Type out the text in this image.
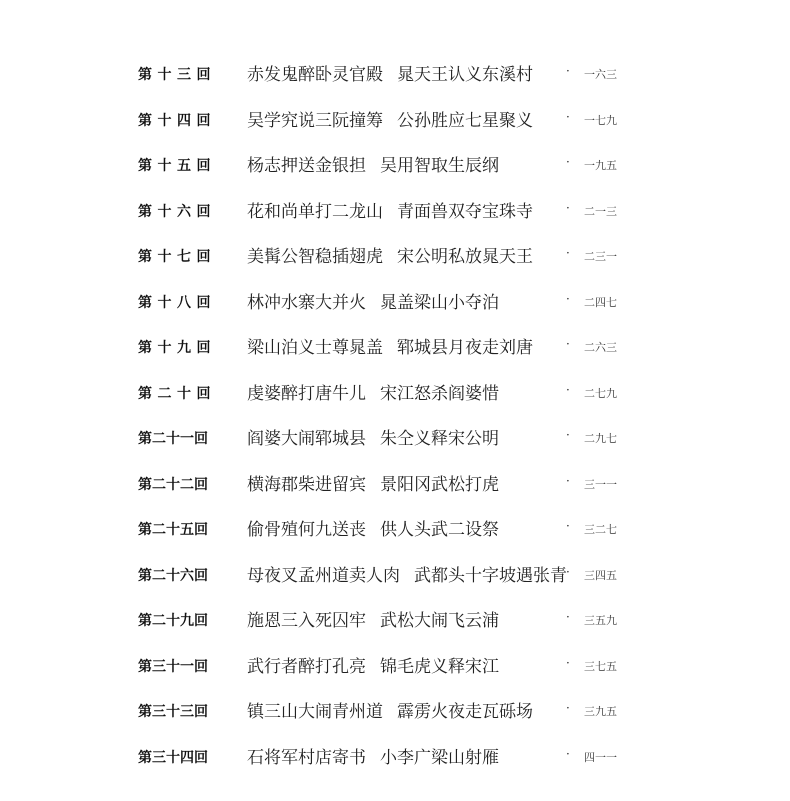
第十三回 赤发鬼醉卧灵官殿 晁天王认义东溪村	· 一六三
第十四回 吴学究说三阮撞筹 公孙胜应七星聚义	· 一七九
第十五回 杨志押送金银担 吴用智取生辰纲	· 一九五
第十六回 花和尚单打二龙山 青面兽双夺宝珠寺	· 二一三
第十七回 美髯公智稳插翅虎 宋公明私放晁天王	· 二三一
第十八回 林冲水寨大并火 晁盖梁山小夺泊	· 二四七
第十九回 梁山泊义士尊晁盖 郓城县月夜走刘唐	· 二六三
第二十回 虔婆醉打唐牛儿 宋江怒杀阎婆惜	· 二七九
第二十一回	阎婆大闹郓城县 朱仝义释宋公明	· 二九七
第二十二回	横海郡柴进留宾 景阳冈武松打虎	· 三一一
第二十五回	偷骨殖何九送丧 供人头武二设祭	· 三二七
第二十六回	母夜叉孟州道卖人肉 武都头十字坡遇张青 · 三四五
第二十九回	施恩三入死囚牢 武松大闹飞云浦	· 三五九
第三十一回	武行者醉打孔亮 锦毛虎义释宋江	· 三七五
第三十三回	镇三山大闹青州道 霹雳火夜走瓦砾场	· 三九五
第三十四回	石将军村店寄书 小李广梁山射雁	· 四一一
